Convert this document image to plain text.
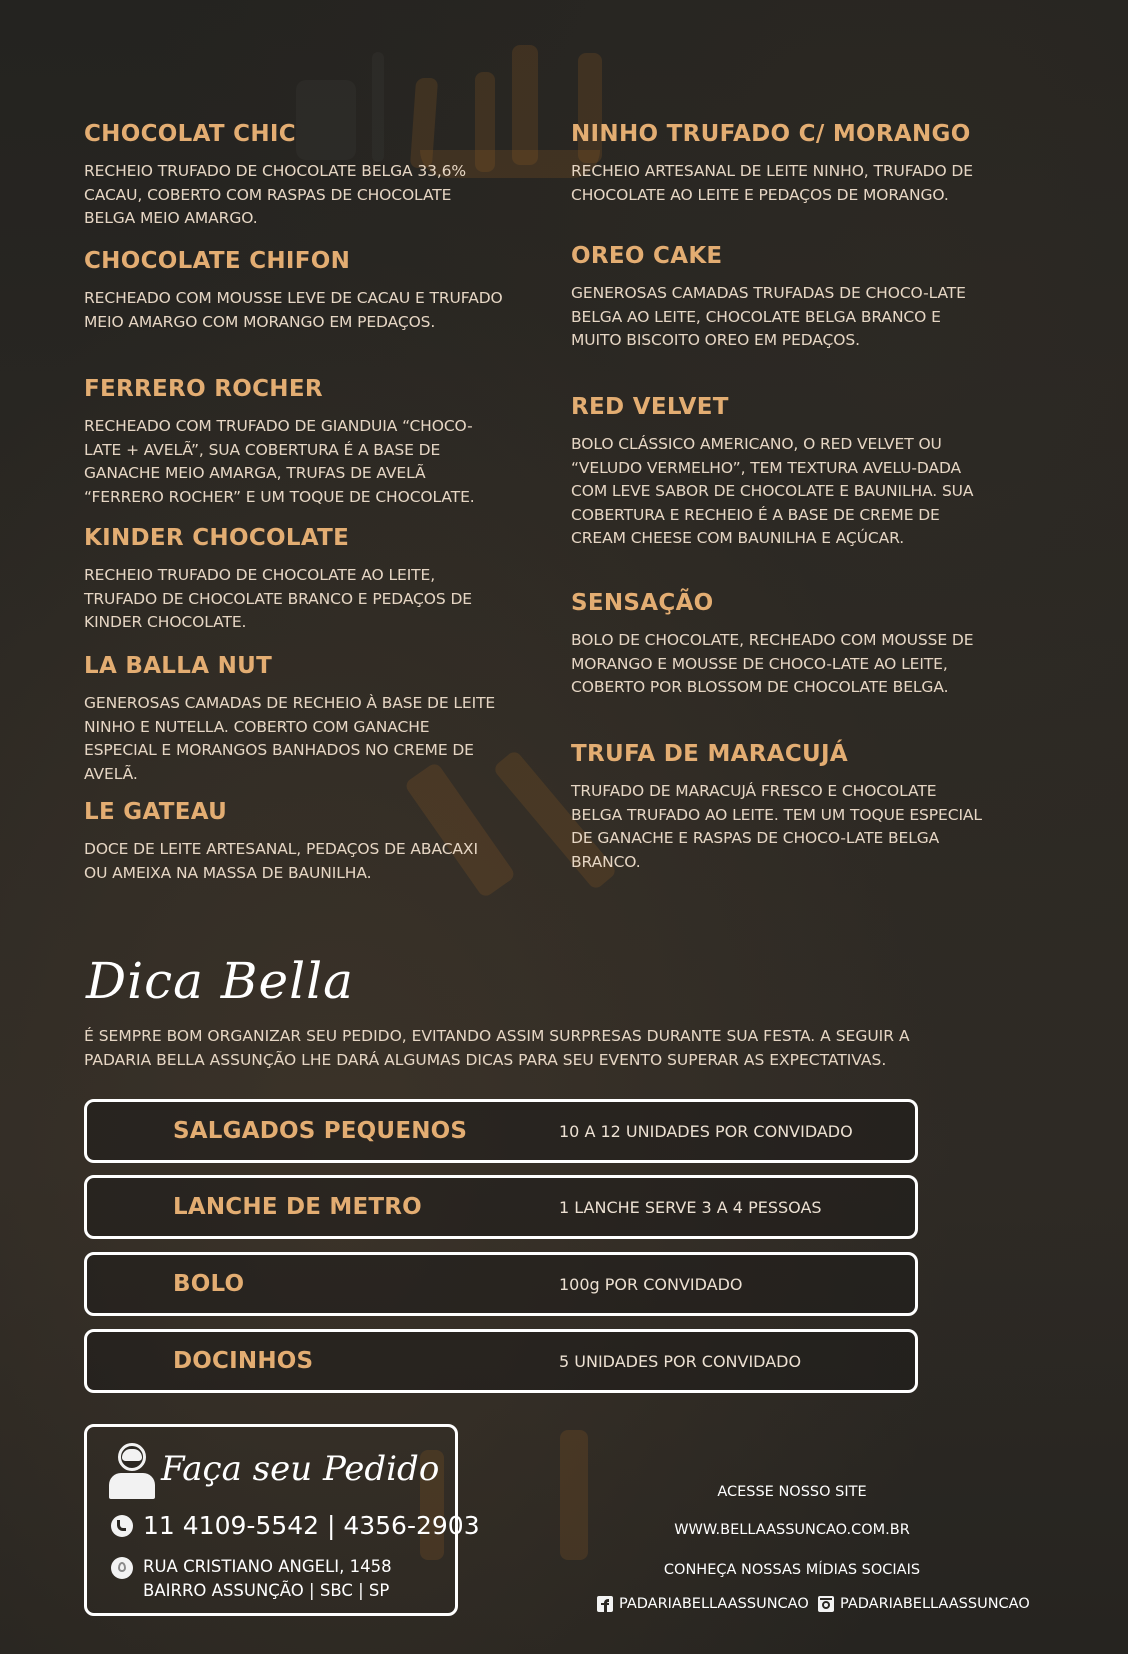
CHOCOLAT CHIC

RECHEIO TRUFADO DE CHOCOLATE BELGA 33,6% CACAU, COBERTO COM RASPAS DE CHOCOLATE BELGA MEIO AMARGO.

CHOCOLATE CHIFON

RECHEADO COM MOUSSE LEVE DE CACAU E TRUFADO MEIO AMARGO COM MORANGO EM PEDAÇOS.

FERRERO ROCHER

RECHEADO COM TRUFADO DE GIANDUIA “CHOCO-LATE + AVELÃ”, SUA COBERTURA É A BASE DE GANACHE MEIO AMARGA, TRUFAS DE AVELÃ “FERRERO ROCHER” E UM TOQUE DE CHOCOLATE.

KINDER CHOCOLATE

RECHEIO TRUFADO DE CHOCOLATE AO LEITE, TRUFADO DE CHOCOLATE BRANCO E PEDAÇOS DE KINDER CHOCOLATE.

LA BALLA NUT

GENEROSAS CAMADAS DE RECHEIO À BASE DE LEITE NINHO E NUTELLA. COBERTO COM GANACHE ESPECIAL E MORANGOS BANHADOS NO CREME DE AVELÃ.

LE GATEAU

DOCE DE LEITE ARTESANAL, PEDAÇOS DE ABACAXI OU AMEIXA NA MASSA DE BAUNILHA.

NINHO TRUFADO C/ MORANGO

RECHEIO ARTESANAL DE LEITE NINHO, TRUFADO DE CHOCOLATE AO LEITE E PEDAÇOS DE MORANGO.

OREO CAKE

GENEROSAS CAMADAS TRUFADAS DE CHOCO-LATE BELGA AO LEITE, CHOCOLATE BELGA BRANCO E MUITO BISCOITO OREO EM PEDAÇOS.

RED VELVET

BOLO CLÁSSICO AMERICANO, O RED VELVET OU “VELUDO VERMELHO”, TEM TEXTURA AVELU-DADA COM LEVE SABOR DE CHOCOLATE E BAUNILHA. SUA COBERTURA E RECHEIO É A BASE DE CREME DE CREAM CHEESE COM BAUNILHA E AÇÚCAR.

SENSAÇÃO

BOLO DE CHOCOLATE, RECHEADO COM MOUSSE DE MORANGO E MOUSSE DE CHOCO-LATE AO LEITE, COBERTO POR BLOSSOM DE CHOCOLATE BELGA.

TRUFA DE MARACUJÁ

TRUFADO DE MARACUJÁ FRESCO E CHOCOLATE BELGA TRUFADO AO LEITE. TEM UM TOQUE ESPECIAL DE GANACHE E RASPAS DE CHOCO-LATE BELGA BRANCO.

Dica Bella
É SEMPRE BOM ORGANIZAR SEU PEDIDO, EVITANDO ASSIM SURPRESAS DURANTE SUA FESTA. A SEGUIR A PADARIA BELLA ASSUNÇÃO LHE DARÁ ALGUMAS DICAS PARA SEU EVENTO SUPERAR AS EXPECTATIVAS.
SALGADOS PEQUENOS	10 A 12 UNIDADES POR CONVIDADO
LANCHE DE METRO	1 LANCHE SERVE 3 A 4 PESSOAS
BOLO	100g POR CONVIDADO
DOCINHOS	5 UNIDADES POR CONVIDADO
Faça seu Pedido
11 4109-5542 | 4356-2903
RUA CRISTIANO ANGELI, 1458
BAIRRO ASSUNÇÃO | SBC | SP
ACESSE NOSSO SITE
WWW.BELLAASSUNCAO.COM.BR
CONHEÇA NOSSAS MÍDIAS SOCIAIS
PADARIABELLAASSUNCAO PADARIABELLAASSUNCAO
